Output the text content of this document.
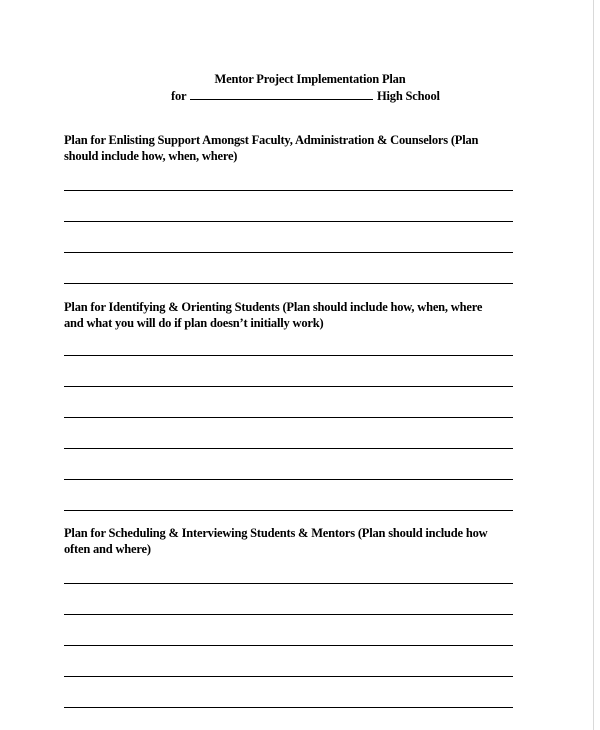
Mentor Project Implementation Plan
for	High School
Plan for Enlisting Support Amongst Faculty, Administration & Counselors (Plan
should include how, when, where)
Plan for Identifying & Orienting Students (Plan should include how, when, where
and what you will do if plan doesn’t initially work)
Plan for Scheduling & Interviewing Students & Mentors (Plan should include how
often and where)
